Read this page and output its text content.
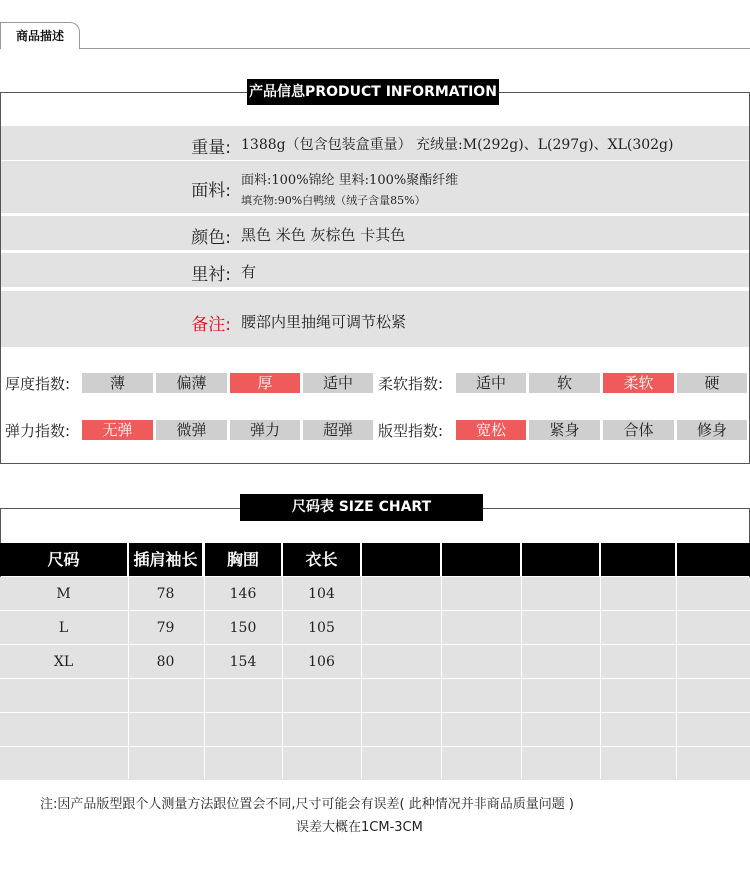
商品描述
产品信息PRODUCT INFORMATION
重量: 1388g（包含包装盒重量） 充绒量:M(292g)、L(297g)、XL(302g)
面料:
面料:100%锦纶 里料:100%聚酯纤维
填充物:90%白鸭绒（绒子含量85%）
颜色: 黑色 米色 灰棕色 卡其色
里衬: 有
备注: 腰部内里抽绳可调节松紧
厚度指数:	薄	偏薄	厚	适中	柔软指数:	适中	软	柔软	硬
弹力指数:	无弹	微弹	弹力	超弹	版型指数:	宽松	紧身	合体	修身
尺码表 SIZE CHART
尺码	插肩袖长	胸围	衣长
M	78	146	104
L	79	150	105
XL	80	154	106
注:因产品版型跟个人测量方法跟位置会不同,尺寸可能会有误差( 此种情况并非商品质量问题 )
误差大概在1CM-3CM
